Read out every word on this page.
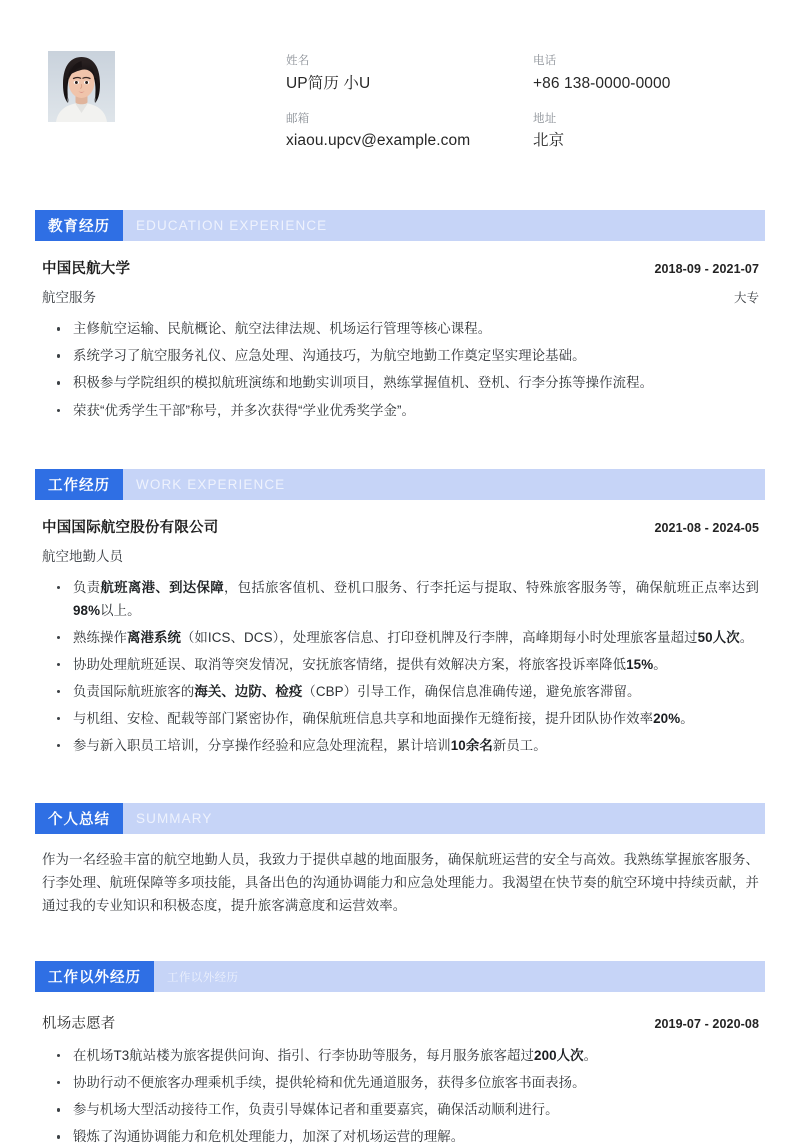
姓名
UP简历 小U
电话
+86 138-0000-0000
邮箱
xiaou.upcv@example.com
地址
北京
教育经历	EDUCATION EXPERIENCE
中国民航大学	2018-09 - 2021-07
航空服务	大专
主修航空运输、民航概论、航空法律法规、机场运行管理等核心课程。
系统学习了航空服务礼仪、应急处理、沟通技巧，为航空地勤工作奠定坚实理论基础。
积极参与学院组织的模拟航班演练和地勤实训项目，熟练掌握值机、登机、行李分拣等操作流程。
荣获“优秀学生干部”称号，并多次获得“学业优秀奖学金”。
工作经历	WORK EXPERIENCE
中国国际航空股份有限公司	2021-08 - 2024-05
航空地勤人员
负责航班离港、到达保障，包括旅客值机、登机口服务、行李托运与提取、特殊旅客服务等，确保航班正点率达到98%以上。
熟练操作离港系统（如ICS、DCS），处理旅客信息、打印登机牌及行李牌，高峰期每小时处理旅客量超过50人次。
协助处理航班延误、取消等突发情况，安抚旅客情绪，提供有效解决方案，将旅客投诉率降低15%。
负责国际航班旅客的海关、边防、检疫（CBP）引导工作，确保信息准确传递，避免旅客滞留。
与机组、安检、配载等部门紧密协作，确保航班信息共享和地面操作无缝衔接，提升团队协作效率20%。
参与新入职员工培训，分享操作经验和应急处理流程，累计培训10余名新员工。
个人总结	SUMMARY

作为一名经验丰富的航空地勤人员，我致力于提供卓越的地面服务，确保航班运营的安全与高效。我熟练掌握旅客服务、行李处理、航班保障等多项技能，具备出色的沟通协调能力和应急处理能力。我渴望在快节奏的航空环境中持续贡献，并通过我的专业知识和积极态度，提升旅客满意度和运营效率。

工作以外经历	工作以外经历
机场志愿者	2019-07 - 2020-08
在机场T3航站楼为旅客提供问询、指引、行李协助等服务，每月服务旅客超过200人次。
协助行动不便旅客办理乘机手续，提供轮椅和优先通道服务，获得多位旅客书面表扬。
参与机场大型活动接待工作，负责引导媒体记者和重要嘉宾，确保活动顺利进行。
锻炼了沟通协调能力和危机处理能力，加深了对机场运营的理解。
